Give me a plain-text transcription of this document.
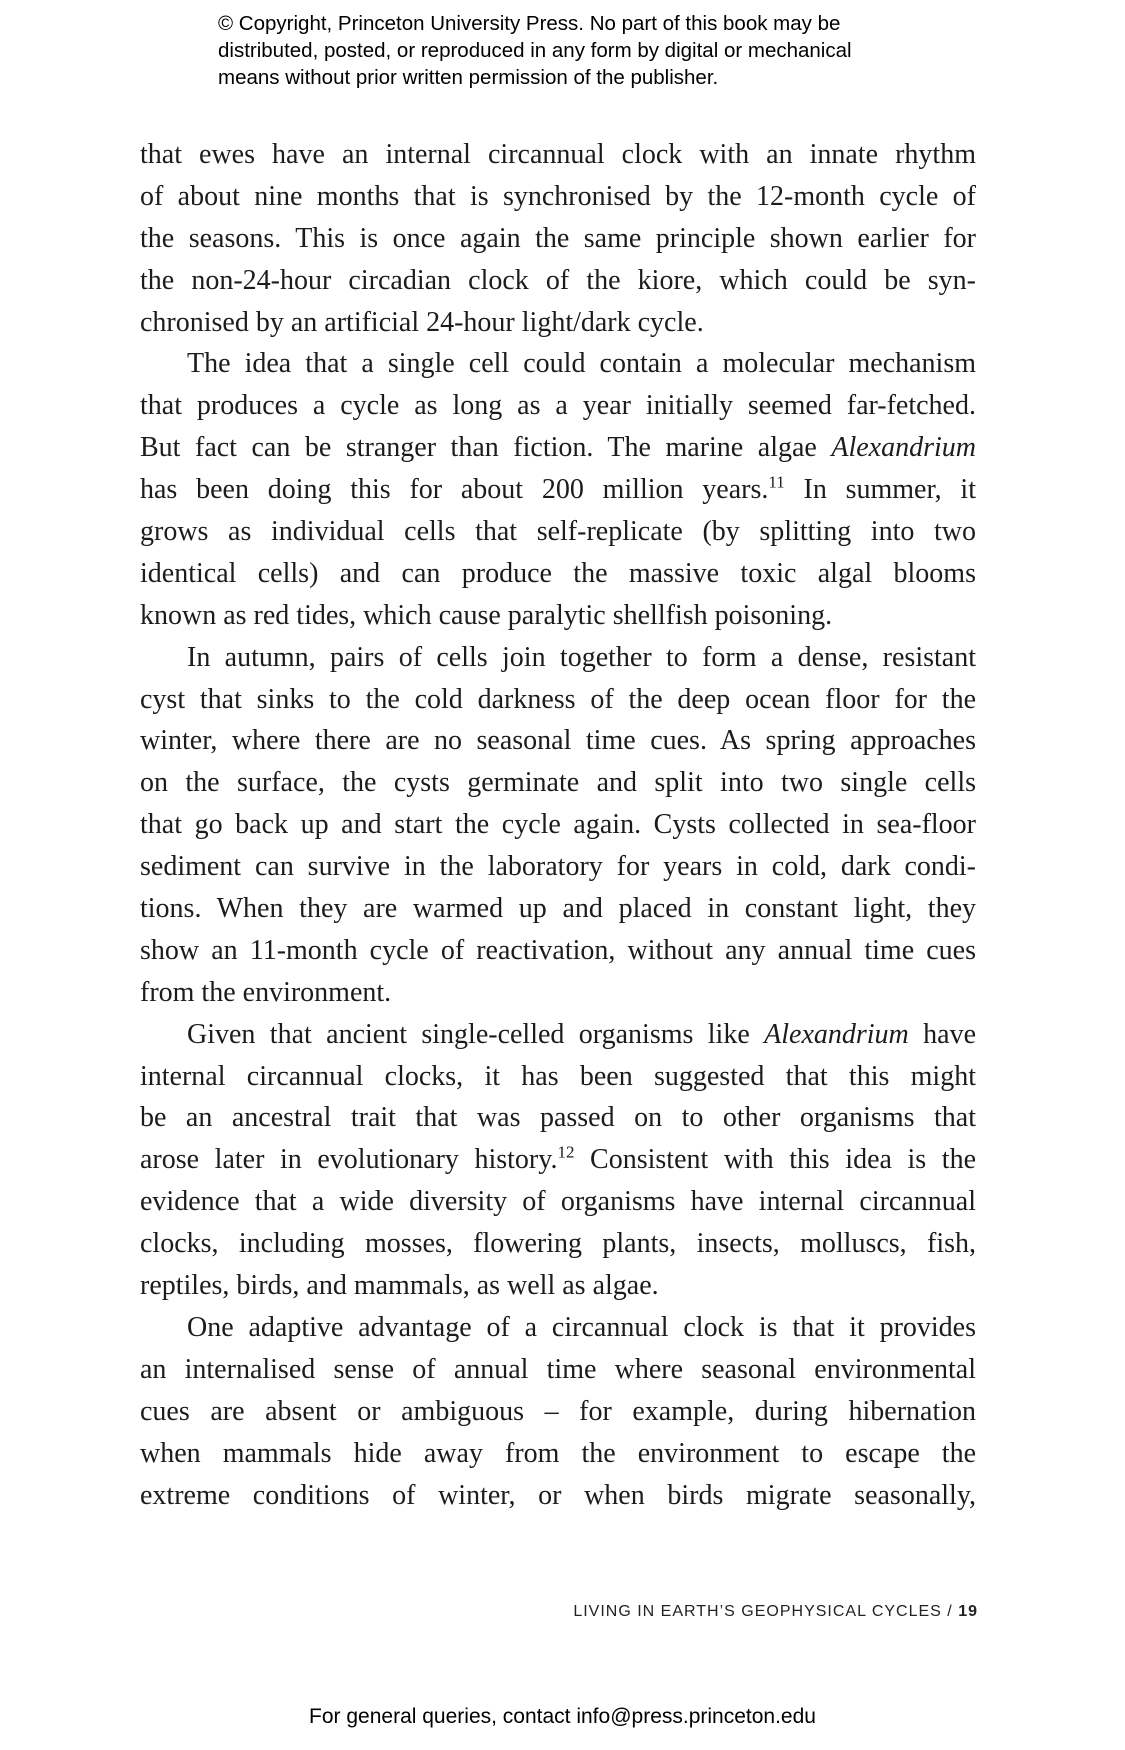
© Copyright, Princeton University Press. No part of this book may be
distributed, posted, or reproduced in any form by digital or mechanical
means without prior written permission of the publisher.
that ewes have an internal circannual clock with an innate rhythm
of about nine months that is synchronised by the 12-month cycle of
the seasons. This is once again the same principle shown earlier for
the non-24-hour circadian clock of the kiore, which could be syn-
chronised by an artificial 24-hour light/dark cycle.
The idea that a single cell could contain a molecular mechanism
that produces a cycle as long as a year initially seemed far-fetched.
But fact can be stranger than fiction. The marine algae Alexandrium
has been doing this for about 200 million years.$^{11}$ In summer, it
grows as individual cells that self-replicate (by splitting into two
identical cells) and can produce the massive toxic algal blooms
known as red tides, which cause paralytic shellfish poisoning.
In autumn, pairs of cells join together to form a dense, resistant
cyst that sinks to the cold darkness of the deep ocean floor for the
winter, where there are no seasonal time cues. As spring approaches
on the surface, the cysts germinate and split into two single cells
that go back up and start the cycle again. Cysts collected in sea-floor
sediment can survive in the laboratory for years in cold, dark condi-
tions. When they are warmed up and placed in constant light, they
show an 11-month cycle of reactivation, without any annual time cues
from the environment.
Given that ancient single-celled organisms like Alexandrium have
internal circannual clocks, it has been suggested that this might
be an ancestral trait that was passed on to other organisms that
arose later in evolutionary history.$^{12}$ Consistent with this idea is the
evidence that a wide diversity of organisms have internal circannual
clocks, including mosses, flowering plants, insects, molluscs, fish,
reptiles, birds, and mammals, as well as algae.
One adaptive advantage of a circannual clock is that it provides
an internalised sense of annual time where seasonal environmental
cues are absent or ambiguous – for example, during hibernation
when mammals hide away from the environment to escape the
extreme conditions of winter, or when birds migrate seasonally,
LIVING IN EARTH’S GEOPHYSICAL CYCLES / 19
For general queries, contact info@press.princeton.edu
